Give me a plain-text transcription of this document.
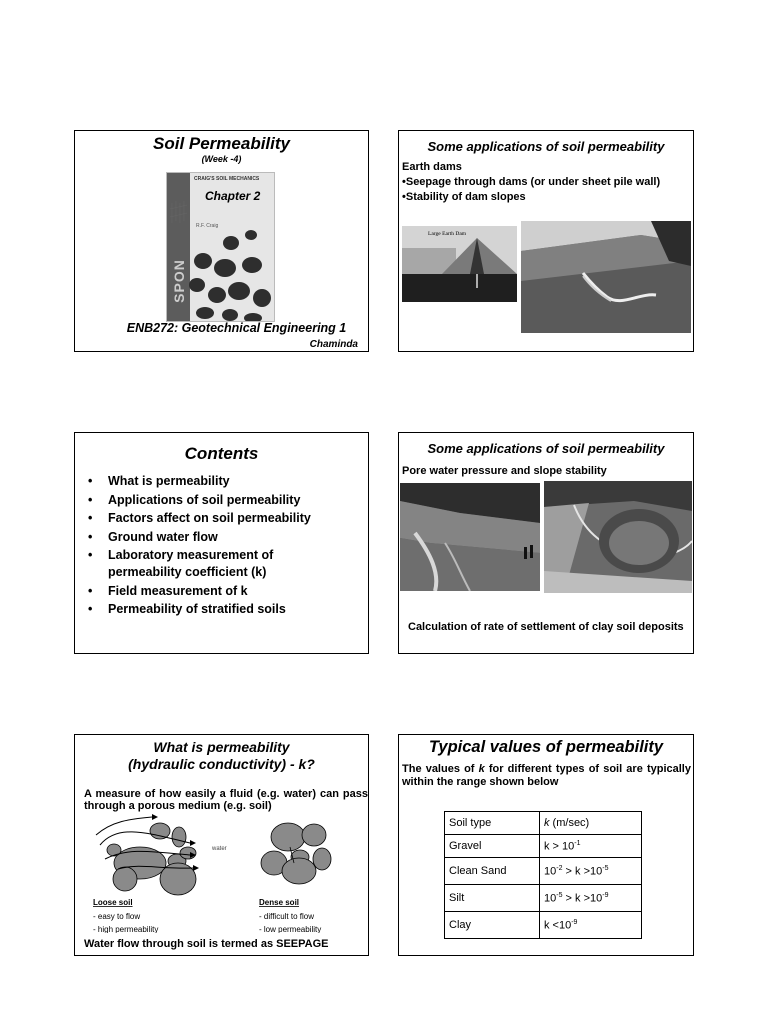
Soil Permeability
(Week -4)
SPON
CRAIG'S SOIL MECHANICS
Chapter 2
R.F. Craig
ENB272: Geotechnical Engineering 1
Chaminda
Some applications of soil permeability
Earth dams
•Seepage through dams (or under sheet pile wall)
•Stability of dam slopes
Large Earth Dam
Contents
• What is permeability
• Applications of soil permeability
• Factors affect on soil permeability
• Ground water flow
• Laboratory measurement of permeability coefficient (k)
• Field measurement of k
• Permeability of stratified soils
Some applications of soil permeability
Pore water pressure and slope stability
Calculation of rate of settlement of clay soil deposits
What is permeability
(hydraulic conductivity) - k?
A measure of how easily a fluid (e.g. water) can pass through a porous medium (e.g. soil)
water
Loose soil
- easy to flow
- high permeability
Dense soil
- difficult to flow
- low permeability
Water flow through soil is termed as SEEPAGE
Typical values of permeability
The values of k for different types of soil are typically within the range shown below
Soil type	k (m/sec)
Gravel	$k > 10^{-1}$
Clean Sand	$10^{-2} > k >10^{-5}$
Silt	$10^{-5} > k >10^{-9}$
Clay	$k <10^{-9}$
